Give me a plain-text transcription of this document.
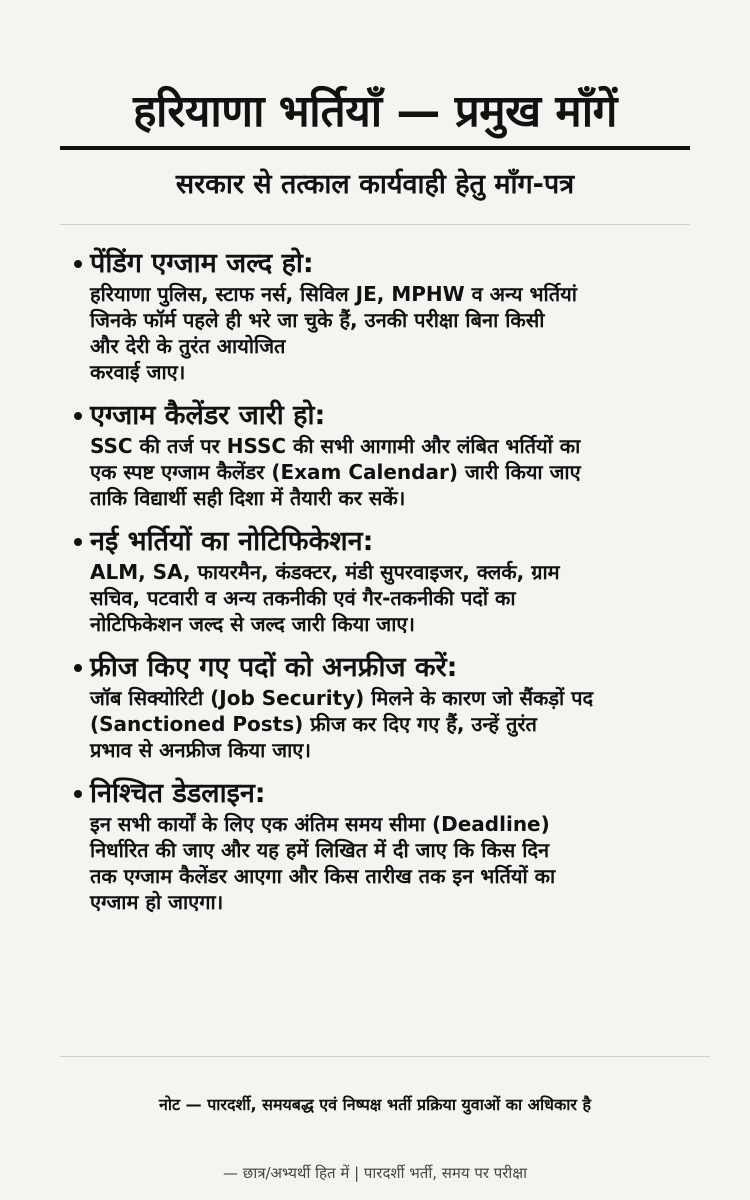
हरियाणा भर्तियाँ — प्रमुख माँगें
सरकार से तत्काल कार्यवाही हेतु माँग-पत्र
पेंडिंग एग्जाम जल्द हो:

हरियाणा पुलिस, स्टाफ नर्स, सिविल JE, MPHW व अन्य भर्तियां
जिनके फॉर्म पहले ही भरे जा चुके हैं, उनकी परीक्षा बिना किसी
और देरी के तुरंत आयोजित
करवाई जाए।

एग्जाम कैलेंडर जारी हो:

SSC की तर्ज पर HSSC की सभी आगामी और लंबित भर्तियों का
एक स्पष्ट एग्जाम कैलेंडर (Exam Calendar) जारी किया जाए
ताकि विद्यार्थी सही दिशा में तैयारी कर सकें।

नई भर्तियों का नोटिफिकेशन:

ALM, SA, फायरमैन, कंडक्टर, मंडी सुपरवाइजर, क्लर्क, ग्राम
सचिव, पटवारी व अन्य तकनीकी एवं गैर-तकनीकी पदों का
नोटिफिकेशन जल्द से जल्द जारी किया जाए।

फ्रीज किए गए पदों को अनफ्रीज करें:

जॉब सिक्योरिटी (Job Security) मिलने के कारण जो सैंकड़ों पद
(Sanctioned Posts) फ्रीज कर दिए गए हैं, उन्हें तुरंत
प्रभाव से अनफ्रीज किया जाए।

निश्चित डेडलाइन:

इन सभी कार्यों के लिए एक अंतिम समय सीमा (Deadline)
निर्धारित की जाए और यह हमें लिखित में दी जाए कि किस दिन
तक एग्जाम कैलेंडर आएगा और किस तारीख तक इन भर्तियों का
एग्जाम हो जाएगा।

नोट — पारदर्शी, समयबद्ध एवं निष्पक्ष भर्ती प्रक्रिया युवाओं का अधिकार है

— छात्र/अभ्यर्थी हित में | पारदर्शी भर्ती, समय पर परीक्षा
